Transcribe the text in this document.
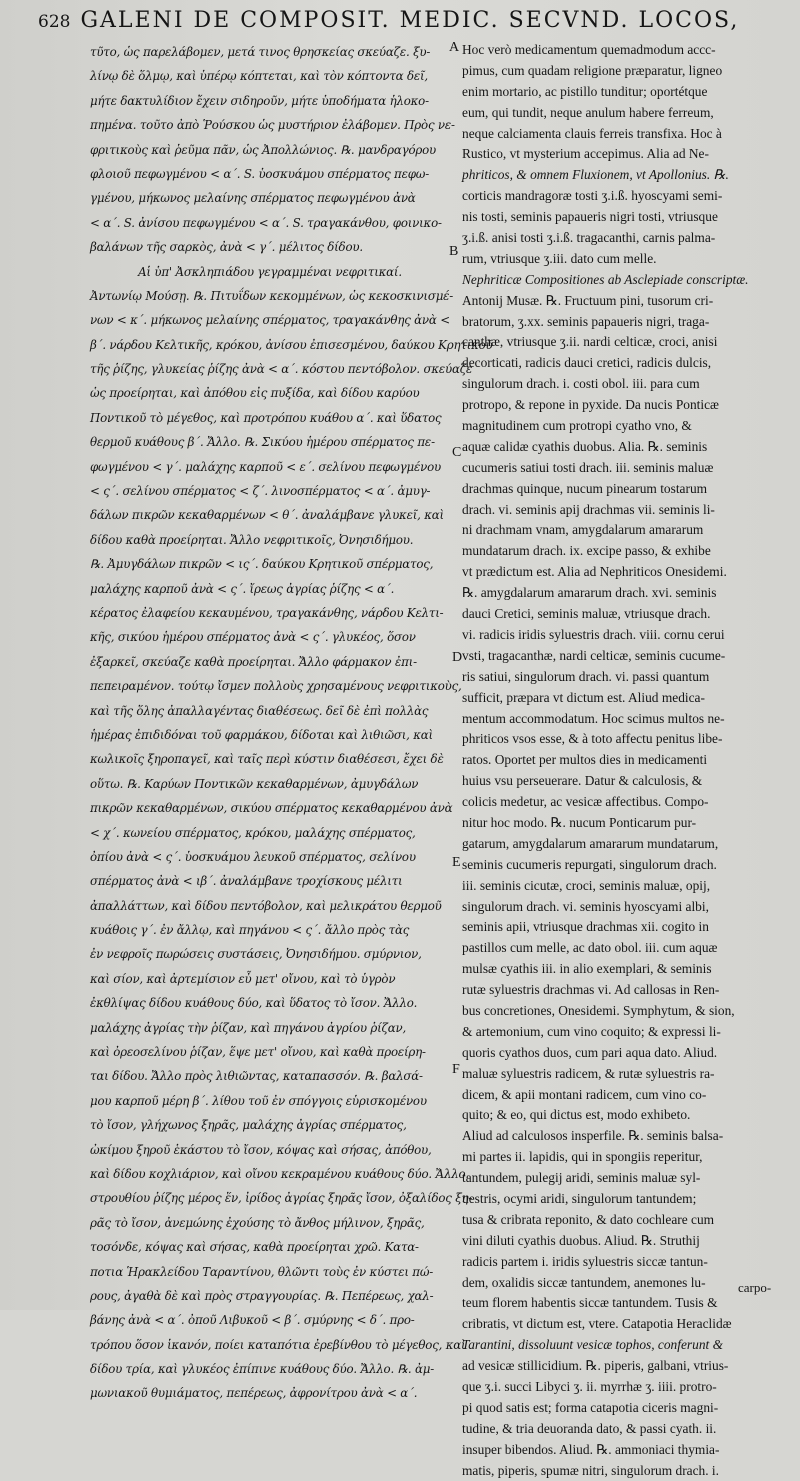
628 GALENI DE COMPOSIT. MEDIC. SECVND. LOCOS,
τῦτο, ὡς παρελάβομεν, μετά τινος θρησκείας σκεύαζε. ξυ-
λίνῳ δὲ ὅλμῳ, καὶ ὑπέρῳ κόπτεται, καὶ τὸν κόπτοντα δεῖ,
μήτε δακτυλίδιον ἔχειν σιδηροῦν, μήτε ὑποδήματα ἡλοκο-
πημένα. τοῦτο ἀπὸ Ῥούσκου ὡς μυστήριον ἐλάβομεν. Πρὸς νε-
φριτικοὺς καὶ ῥεῦμα πᾶν, ὡς Ἀπολλώνιος. ℞. μανδραγόρου
φλοιοῦ πεφωγμένου < α΄. S. ὑοσκυάμου σπέρματος πεφω-
γμένου, μήκωνος μελαίνης σπέρματος πεφωγμένου ἀνὰ
< α΄. S. ἀνίσου πεφωγμένου < α΄. S. τραγακάνθου, φοινικο-
βαλάνων τῆς σαρκὸς, ἀνὰ < γ΄. μέλιτος δίδου.
Αἱ ὑπ' Ἀσκληπιάδου γεγραμμέναι νεφριτικαί.
Ἀντωνίῳ Μούσῃ. ℞. Πιτυΐδων κεκομμένων, ὡς κεκοσκινισμέ-
νων < κ΄. μήκωνος μελαίνης σπέρματος, τραγακάνθης ἀνὰ <
β΄. νάρδου Κελτικῆς, κρόκου, ἀνίσου ἐπισεσμένου, δαύκου Κρητικοῦ
τῆς ῥίζης, γλυκείας ῥίζης ἀνὰ < α΄. κόστου πεντόβολον. σκεύαζε
ὡς προείρηται, καὶ ἀπόθου εἰς πυξίδα, καὶ δίδου καρύου
Ποντικοῦ τὸ μέγεθος, καὶ προτρόπου κυάθου α΄. καὶ ὕδατος
θερμοῦ κυάθους β΄. Ἄλλο. ℞. Σικύου ἡμέρου σπέρματος πε-
φωγμένου < γ΄. μαλάχης καρποῦ < ε΄. σελίνου πεφωγμένου
< ς΄. σελίνου σπέρματος < ζ΄. λινοσπέρματος < α΄. ἀμυγ-
δάλων πικρῶν κεκαθαρμένων < θ΄. ἀναλάμβανε γλυκεῖ, καὶ
δίδου καθὰ προείρηται. Ἄλλο νεφριτικοῖς, Ὀνησιδήμου.
℞. Ἀμυγδάλων πικρῶν < ις΄. δαύκου Κρητικοῦ σπέρματος,
μαλάχης καρποῦ ἀνὰ < ς΄. ἴρεως ἀγρίας ῥίζης < α΄.
κέρατος ἐλαφείου κεκαυμένου, τραγακάνθης, νάρδου Κελτι-
κῆς, σικύου ἡμέρου σπέρματος ἀνὰ < ς΄. γλυκέος, ὅσον
ἐξαρκεῖ, σκεύαζε καθὰ προείρηται. Ἄλλο φάρμακον ἐπι-
πεπειραμένον. τούτῳ ἴσμεν πολλοὺς χρησαμένους νεφριτικοὺς,
καὶ τῆς ὅλης ἀπαλλαγέντας διαθέσεως. δεῖ δὲ ἐπὶ πολλὰς
ἡμέρας ἐπιδιδόναι τοῦ φαρμάκου, δίδοται καὶ λιθιῶσι, καὶ
κωλικοῖς ξηροπαγεῖ, καὶ ταῖς περὶ κύστιν διαθέσεσι, ἔχει δὲ
οὕτω. ℞. Καρύων Ποντικῶν κεκαθαρμένων, ἀμυγδάλων
πικρῶν κεκαθαρμένων, σικύου σπέρματος κεκαθαρμένου ἀνὰ
< χ΄. κωνείου σπέρματος, κρόκου, μαλάχης σπέρματος,
ὀπίου ἀνὰ < ς΄. ὑοσκυάμου λευκοῦ σπέρματος, σελίνου
σπέρματος ἀνὰ < ιβ΄. ἀναλάμβανε τροχίσκους μέλιτι
ἀπαλλάττων, καὶ δίδου πεντόβολον, καὶ μελικράτου θερμοῦ
κυάθοις γ΄. ἐν ἄλλῳ, καὶ πηγάνου < ς΄. ἄλλο πρὸς τὰς
ἐν νεφροῖς πωρώσεις συστάσεις, Ὀνησιδήμου. σμύρνιον,
καὶ σίον, καὶ ἀρτεμίσιον εὖ μετ' οἴνου, καὶ τὸ ὑγρὸν
ἐκθλίψας δίδου κυάθους δύο, καὶ ὕδατος τὸ ἴσον. Ἄλλο.
μαλάχης ἀγρίας τὴν ῥίζαν, καὶ πηγάνου ἀγρίου ῥίζαν,
καὶ ὀρεοσελίνου ῥίζαν, ἕψε μετ' οἴνου, καὶ καθὰ προείρη-
ται δίδου. Ἄλλο πρὸς λιθιῶντας, καταπασσόν. ℞. βαλσά-
μου καρποῦ μέρη β΄. λίθου τοῦ ἐν σπόγγοις εὑρισκομένου
τὸ ἴσον, γλήχωνος ξηρᾶς, μαλάχης ἀγρίας σπέρματος,
ὠκίμου ξηροῦ ἑκάστου τὸ ἴσον, κόψας καὶ σήσας, ἀπόθου,
καὶ δίδου κοχλιάριον, καὶ οἴνου κεκραμένου κυάθους δύο. Ἄλλο.
στρουθίου ῥίζης μέρος ἕν, ἰρίδος ἀγρίας ξηρᾶς ἴσον, ὀξαλίδος ξη-
ρᾶς τὸ ἴσον, ἀνεμώνης ἐχούσης τὸ ἄνθος μήλινον, ξηρᾶς,
τοσόνδε, κόψας καὶ σήσας, καθὰ προείρηται χρῶ. Κατα-
ποτια Ἡρακλείδου Ταραντίνου, θλῶντι τοὺς ἐν κύστει πώ-
ρους, ἀγαθὰ δὲ καὶ πρὸς στραγγουρίας. ℞. Πεπέρεως, χαλ-
βάνης ἀνὰ < α΄. ὀποῦ Λιβυκοῦ < β΄. σμύρνης < δ΄. προ-
τρόπου ὅσον ἱκανόν, ποίει καταπότια ἐρεβίνθου τὸ μέγεθος, καὶ
δίδου τρία, καὶ γλυκέος ἐπίπινε κυάθους δύο. Ἄλλο. ℞. ἀμ-
μωνιακοῦ θυμιάματος, πεπέρεως, ἀφρονίτρου ἀνὰ < α΄.
Hoc verò medicamentum quemadmodum accc-
pimus, cum quadam religione præparatur, ligneo
enim mortario, ac pistillo tunditur; oportétque
eum, qui tundit, neque anulum habere ferreum,
neque calciamenta clauis ferreis transfixa. Hoc à
Rustico, vt mysterium accepimus. Alia ad Ne-
phriticos, & omnem Fluxionem, vt Apollonius. ℞.
corticis mandragoræ tosti ʒ.i.ß. hyoscyami semi-
nis tosti, seminis papaueris nigri tosti, vtriusque
ʒ.i.ß. anisi tosti ʒ.i.ß. tragacanthi, carnis palma-
rum, vtriusque ʒ.iii. dato cum melle.
Nephriticæ Compositiones ab Asclepiade conscriptæ.
Antonij Musæ. ℞. Fructuum pini, tusorum cri-
bratorum, ʒ.xx. seminis papaueris nigri, traga-
canthæ, vtriusque ʒ.ii. nardi celticæ, croci, anisi
decorticati, radicis dauci cretici, radicis dulcis,
singulorum drach. i. costi obol. iii. para cum
protropo, & repone in pyxide. Da nucis Ponticæ
magnitudinem cum protropi cyatho vno, &
aquæ calidæ cyathis duobus. Alia. ℞. seminis
cucumeris satiui tosti drach. iii. seminis maluæ
drachmas quinque, nucum pinearum tostarum
drach. vi. seminis apij drachmas vii. seminis li-
ni drachmam vnam, amygdalarum amararum
mundatarum drach. ix. excipe passo, & exhibe
vt prædictum est. Alia ad Nephriticos Onesidemi.
℞. amygdalarum amararum drach. xvi. seminis
dauci Cretici, seminis maluæ, vtriusque drach.
vi. radicis iridis syluestris drach. viii. cornu cerui
vsti, tragacanthæ, nardi celticæ, seminis cucume-
ris satiui, singulorum drach. vi. passi quantum
sufficit, præpara vt dictum est. Aliud medica-
mentum accommodatum. Hoc scimus multos ne-
phriticos vsos esse, & à toto affectu penitus libe-
ratos. Oportet per multos dies in medicamenti
huius vsu perseuerare. Datur & calculosis, &
colicis medetur, ac vesicæ affectibus. Compo-
nitur hoc modo. ℞. nucum Ponticarum pur-
gatarum, amygdalarum amararum mundatarum,
seminis cucumeris repurgati, singulorum drach.
iii. seminis cicutæ, croci, seminis maluæ, opij,
singulorum drach. vi. seminis hyoscyami albi,
seminis apii, vtriusque drachmas xii. cogito in
pastillos cum melle, ac dato obol. iii. cum aquæ
mulsæ cyathis iii. in alio exemplari, & seminis
rutæ syluestris drachmas vi. Ad callosas in Ren-
bus concretiones, Onesidemi. Symphytum, & sion,
& artemonium, cum vino coquito; & expressi li-
quoris cyathos duos, cum pari aqua dato. Aliud.
maluæ syluestris radicem, & rutæ syluestris ra-
dicem, & apii montani radicem, cum vino co-
quito; & eo, qui dictus est, modo exhibeto.
Aliud ad calculosos insperfile. ℞. seminis balsa-
mi partes ii. lapidis, qui in spongiis reperitur,
tantundem, pulegij aridi, seminis maluæ syl-
uestris, ocymi aridi, singulorum tantundem;
tusa & cribrata reponito, & dato cochleare cum
vini diluti cyathis duobus. Aliud. ℞. Struthij
radicis partem i. iridis syluestris siccæ tantun-
dem, oxalidis siccæ tantundem, anemones lu-
teum florem habentis siccæ tantundem. Tusis &
cribratis, vt dictum est, vtere. Catapotia Heraclidæ
Tarantini, dissoluunt vesicæ tophos, conferunt &
ad vesicæ stillicidium. ℞. piperis, galbani, vtrius-
que ʒ.i. succi Libyci ʒ. ii. myrrhæ ʒ. iiii. protro-
pi quod satis est; forma catapotia ciceris magni-
tudine, & tria deuoranda dato, & passi cyath. ii.
insuper bibendos. Aliud. ℞. ammoniaci thymia-
matis, piperis, spumæ nitri, singulorum drach. i.
A
B
C
D
E
F
carpo-
